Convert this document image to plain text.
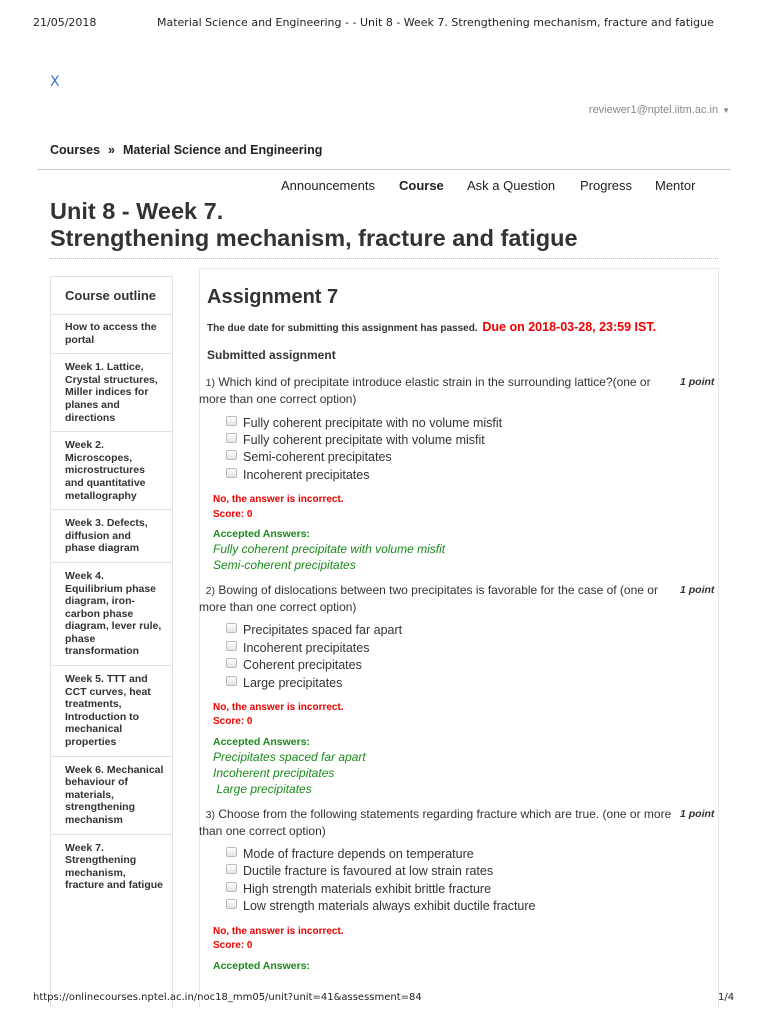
21/05/2018	Material Science and Engineering - - Unit 8 - Week 7. Strengthening mechanism, fracture and fatigue
X
NPTEL	reviewer1@nptel.iitm.ac.in ▼
Courses » Material Science and Engineering
Announcements Course Ask a Question Progress Mentor
Unit 8 - Week 7.
Strengthening mechanism, fracture and fatigue
Course outline
How to access the portal
Week 1. Lattice, Crystal structures, Miller indices for planes and directions
Week 2. Microscopes, microstructures and quantitative metallography
Week 3. Defects, diffusion and phase diagram
Week 4. Equilibrium phase diagram, iron-carbon phase diagram, lever rule, phase transformation
Week 5. TTT and CCT curves, heat treatments, Introduction to mechanical properties
Week 6. Mechanical behaviour of materials, strengthening mechanism
Week 7. Strengthening mechanism, fracture and fatigue
Assignment 7
The due date for submitting this assignment has passed. Due on 2018-03-28, 23:59 IST.
Submitted assignment
1) Which kind of precipitate introduce elastic strain in the surrounding lattice?(one or more than one correct option)
1 point
Fully coherent precipitate with no volume misfit
Fully coherent precipitate with volume misfit
Semi-coherent precipitates
Incoherent precipitates
No, the answer is incorrect.
Score: 0
Accepted Answers:
Fully coherent precipitate with volume misfit
Semi-coherent precipitates
2) Bowing of dislocations between two precipitates is favorable for the case of (one or more than one correct option)
1 point
Precipitates spaced far apart
Incoherent precipitates
Coherent precipitates
Large precipitates
No, the answer is incorrect.
Score: 0
Accepted Answers:
Precipitates spaced far apart
Incoherent precipitates
Large precipitates
3) Choose from the following statements regarding fracture which are true. (one or more than one correct option)
1 point
Mode of fracture depends on temperature
Ductile fracture is favoured at low strain rates
High strength materials exhibit brittle fracture
Low strength materials always exhibit ductile fracture
No, the answer is incorrect.
Score: 0
Accepted Answers:
https://onlinecourses.nptel.ac.in/noc18_mm05/unit?unit=41&assessment=84	1/4
